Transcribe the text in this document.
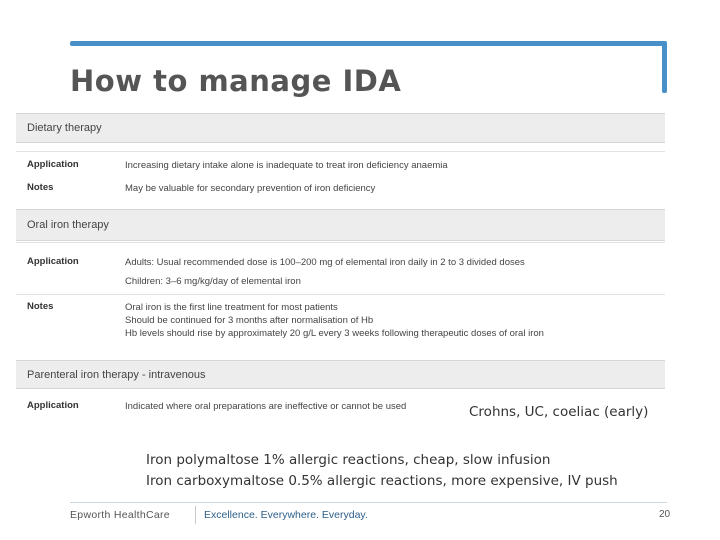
How to manage IDA
Dietary therapy
Application	Increasing dietary intake alone is inadequate to treat iron deficiency anaemia
Notes	May be valuable for secondary prevention of iron deficiency
Oral iron therapy
Application	Adults: Usual recommended dose is 100–200 mg of elemental iron daily in 2 to 3 divided doses
Children: 3–6 mg/kg/day of elemental iron
Notes	Oral iron is the first line treatment for most patients
Should be continued for 3 months after normalisation of Hb
Hb levels should rise by approximately 20 g/L every 3 weeks following therapeutic doses of oral iron
Parenteral iron therapy - intravenous
Application	Indicated where oral preparations are ineffective or cannot be used	Crohns, UC, coeliac (early)
Iron polymaltose 1% allergic reactions, cheap, slow infusion
Iron carboxymaltose 0.5% allergic reactions, more expensive, IV push
Epworth HealthCare	Excellence. Everywhere. Everyday.	20
